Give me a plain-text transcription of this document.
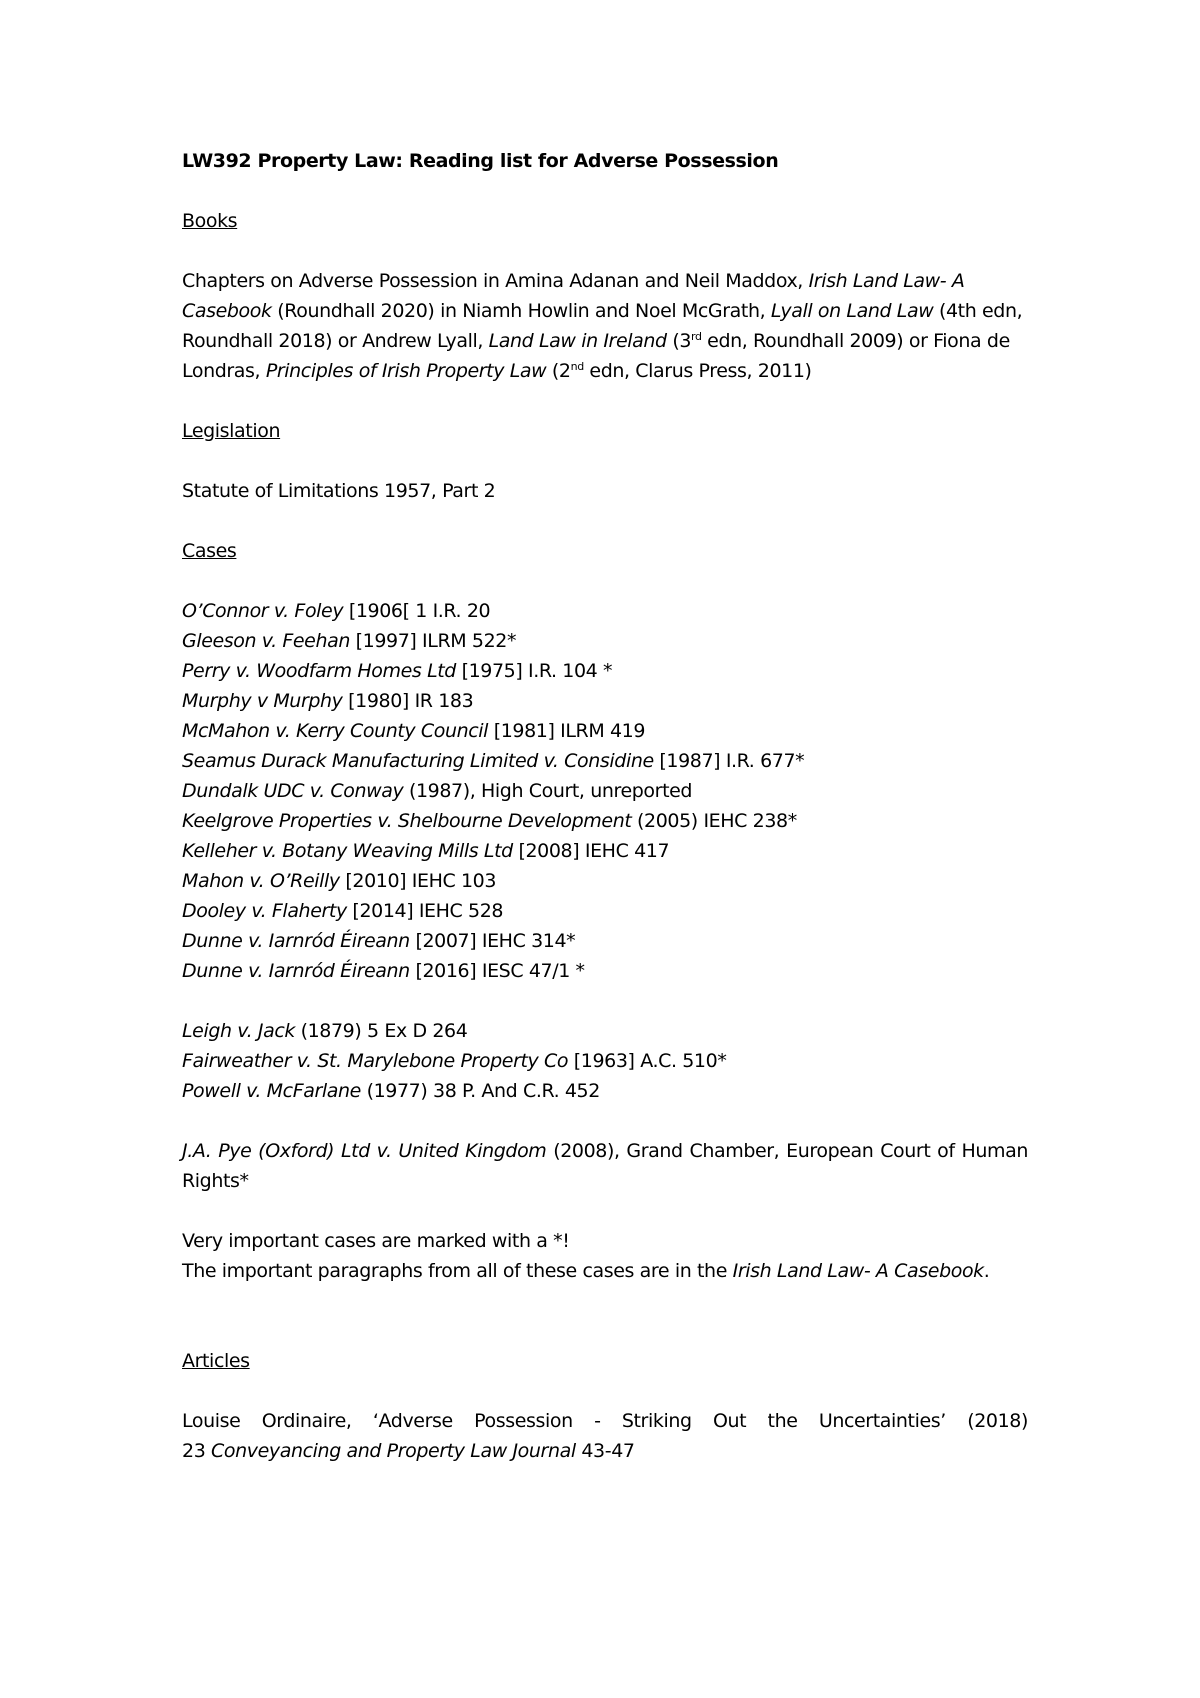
LW392 Property Law: Reading list for Adverse Possession

Books

Chapters on Adverse Possession in Amina Adanan and Neil Maddox, Irish Land Law- A Casebook (Roundhall 2020) in Niamh Howlin and Noel McGrath, Lyall on Land Law (4th edn, Roundhall 2018) or Andrew Lyall, Land Law in Ireland (3rd edn, Roundhall 2009) or Fiona de Londras, Principles of Irish Property Law (2nd edn, Clarus Press, 2011)

Legislation

Statute of Limitations 1957, Part 2

Cases

O’Connor v. Foley [1906[ 1 I.R. 20

Gleeson v. Feehan [1997] ILRM 522*

Perry v. Woodfarm Homes Ltd [1975] I.R. 104 *

Murphy v Murphy [1980] IR 183

McMahon v. Kerry County Council [1981] ILRM 419

Seamus Durack Manufacturing Limited v. Considine [1987] I.R. 677*

Dundalk UDC v. Conway (1987), High Court, unreported

Keelgrove Properties v. Shelbourne Development (2005) IEHC 238*

Kelleher v. Botany Weaving Mills Ltd [2008] IEHC 417

Mahon v. O’Reilly [2010] IEHC 103

Dooley v. Flaherty [2014] IEHC 528

Dunne v. Iarnród Éireann [2007] IEHC 314*

Dunne v. Iarnród Éireann [2016] IESC 47/1 *

Leigh v. Jack (1879) 5 Ex D 264

Fairweather v. St. Marylebone Property Co [1963] A.C. 510*

Powell v. McFarlane (1977) 38 P. And C.R. 452

J.A. Pye (Oxford) Ltd v. United Kingdom (2008), Grand Chamber, European Court of Human Rights*

Very important cases are marked with a *!

The important paragraphs from all of these cases are in the Irish Land Law- A Casebook.

Articles

Louise Ordinaire, ‘Adverse Possession - Striking Out the Uncertainties’ (2018)

23 Conveyancing and Property Law Journal 43-47
